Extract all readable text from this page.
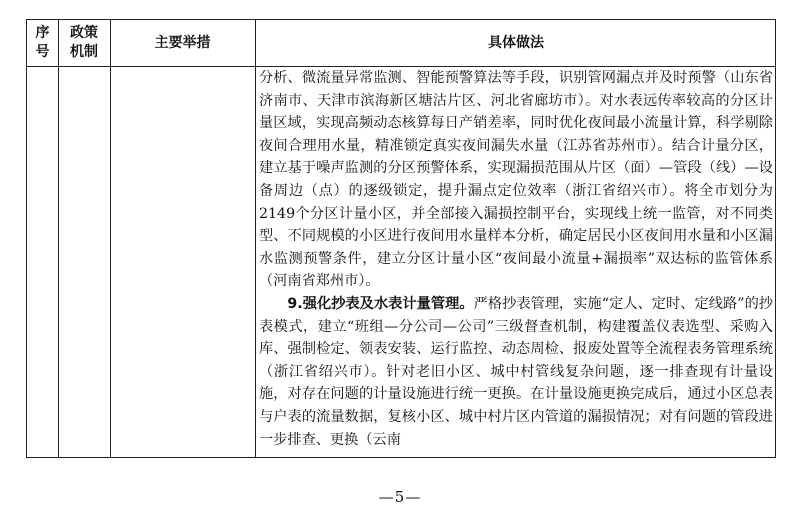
序
号
政策
机制
主要举措	具体做法

分析、微流量异常监测、智能预警算法等手段，识别管网漏点并及时预警（山东省济南市、天津市滨海新区塘沽片区、河北省廊坊市）。对水表远传率较高的分区计量区域，实现高频动态核算每日产销差率，同时优化夜间最小流量计算，科学剔除夜间合理用水量，精准锁定真实夜间漏失水量（江苏省苏州市）。结合计量分区，建立基于噪声监测的分区预警体系，实现漏损范围从片区（面）—管段（线）—设备周边（点）的逐级锁定，提升漏点定位效率（浙江省绍兴市）。将全市划分为2149个分区计量小区，并全部接入漏损控制平台，实现线上统一监管，对不同类型、不同规模的小区进行夜间用水量样本分析，确定居民小区夜间用水量和小区漏水监测预警条件，建立分区计量小区“夜间最小流量+漏损率”双达标的监管体系（河南省郑州市）。

9.强化抄表及水表计量管理。严格抄表管理，实施“定人、定时、定线路”的抄表模式，建立“班组—分公司—公司”三级督查机制，构建覆盖仪表选型、采购入库、强制检定、领表安装、运行监控、动态周检、报废处置等全流程表务管理系统（浙江省绍兴市）。针对老旧小区、城中村管线复杂问题，逐一排查现有计量设施，对存在问题的计量设施进行统一更换。在计量设施更换完成后，通过小区总表与户表的流量数据，复核小区、城中村片区内管道的漏损情况；对有问题的管段进一步排查、更换（云南

—5—
